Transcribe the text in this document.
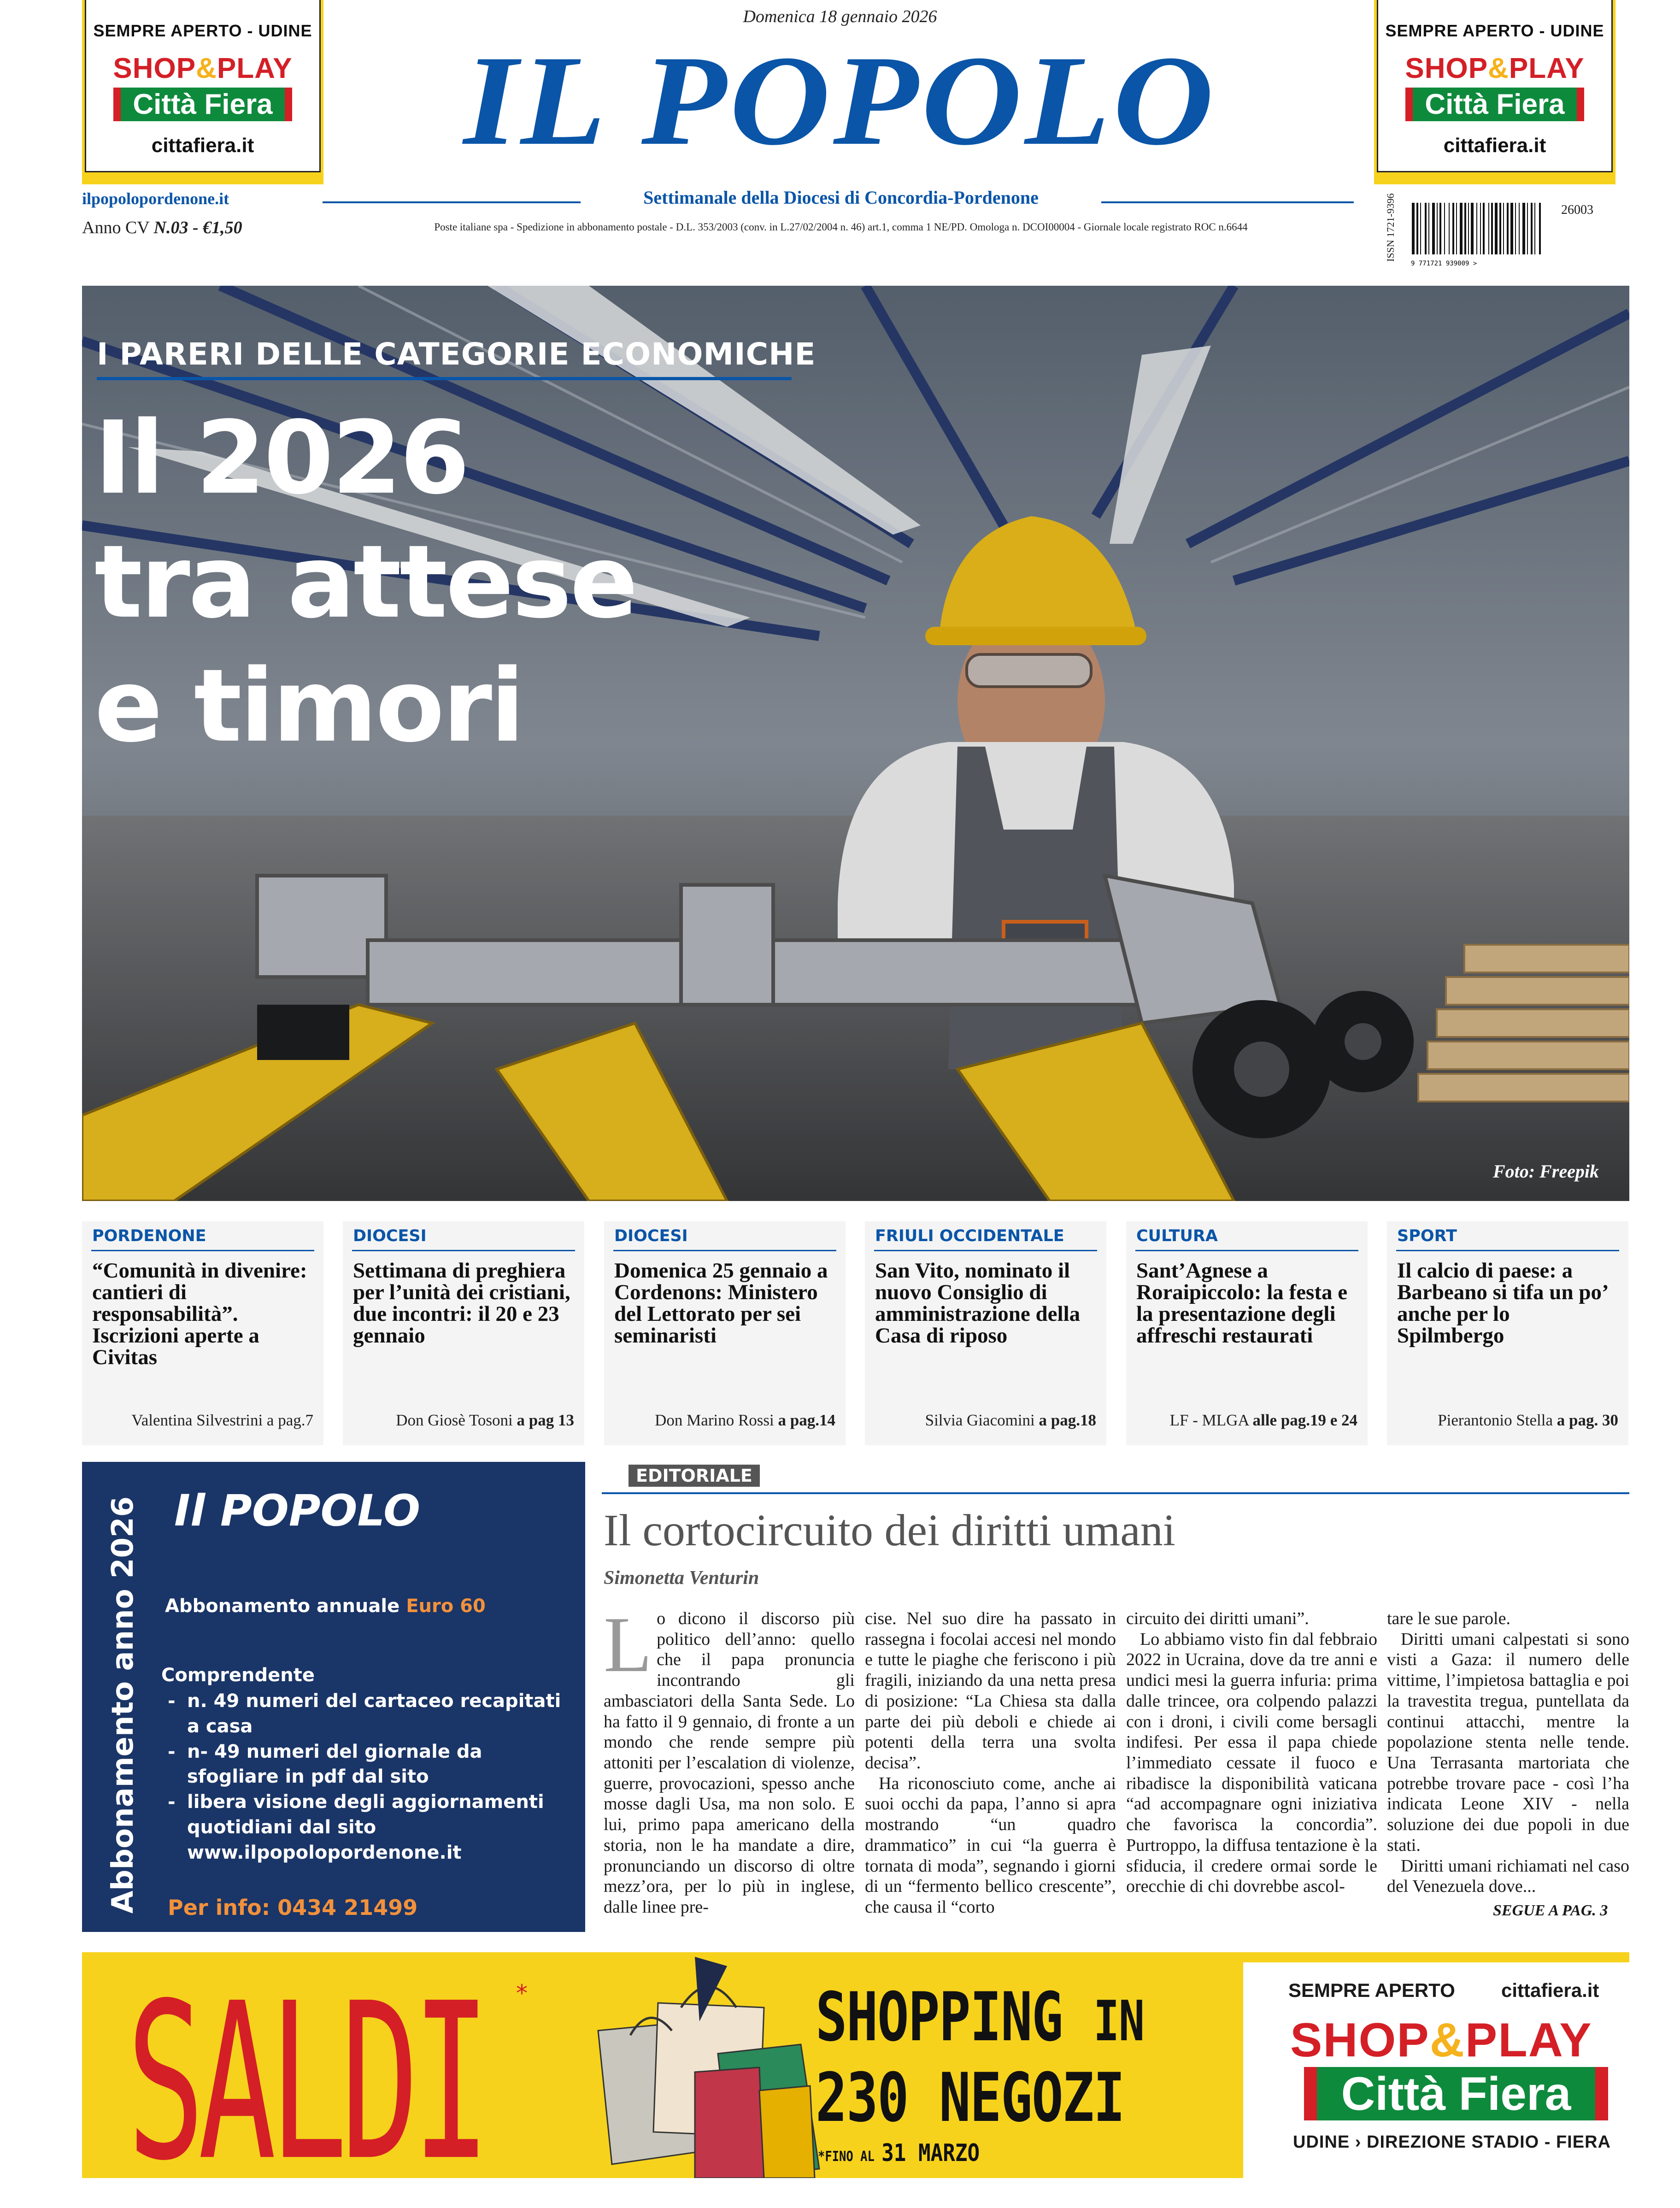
SEMPRE APERTO - UDINE
SHOP&PLAY
Città Fiera
cittafiera.it
SEMPRE APERTO - UDINE
SHOP&PLAY
Città Fiera
cittafiera.it
Domenica 18 gennaio 2026
IL POPOLO
Settimanale della Diocesi di Concordia-Pordenone
Poste italiane spa - Spedizione in abbonamento postale - D.L. 353/2003 (conv. in L.27/02/2004 n. 46) art.1, comma 1 NE/PD. Omologa n. DCOI00004 - Giornale locale registrato ROC n.6644
ilpopolopordenone.it
Anno CV N.03 - €1,50	ISSN 1721-9396
9 771721 939009 >
26003
I PARERI DELLE CATEGORIE ECONOMICHE
Il 2026
tra attese
e timori
Foto: Freepik
PORDENONE
“Comunità in divenire: cantieri di responsabilità”. Iscrizioni aperte a Civitas
Valentina Silvestrini a pag.7
DIOCESI
Settimana di preghiera per l’unità dei cristiani, due incontri: il 20 e 23 gennaio
Don Giosè Tosoni a pag 13
DIOCESI
Domenica 25 gennaio a Cordenons: Ministero del Lettorato per sei seminaristi
Don Marino Rossi a pag.14
FRIULI OCCIDENTALE
San Vito, nominato il nuovo Consiglio di amministrazione della Casa di riposo
Silvia Giacomini a pag.18
CULTURA
Sant’Agnese a Roraipiccolo: la festa e la presentazione degli affreschi restaurati
LF - MLGA alle pag.19 e 24
SPORT
Il calcio di paese: a Barbeano si tifa un po’ anche per lo Spilmbergo
Pierantonio Stella a pag. 30
Abbonamento anno 2026 Il POPOLO
Abbonamento annuale Euro 60
Comprendente
- n. 49 numeri del cartaceo recapitati a casa
- n- 49 numeri del giornale da sfogliare in pdf dal sito
- libera visione degli aggiornamenti quotidiani dal sito www.ilpopolopordenone.it
Per info: 0434 21499
EDITORIALE
Il cortocircuito dei diritti umani
Simonetta Venturin
L o dicono il discorso più politico dell’anno: quello che il papa pronuncia incontrando gli ambasciatori della Santa Sede. Lo ha fatto il 9 gennaio, di fronte a un mondo che rende sempre più attoniti per l’escalation di violenze, guerre, provocazioni, spesso anche mosse dagli Usa, ma non solo. E lui, primo papa americano della storia, non le ha mandate a dire, pronunciando un discorso di oltre mezz’ora, per lo più in inglese, dalle linee pre-

cise. Nel suo dire ha passato in rassegna i focolai accesi nel mondo e tutte le piaghe che feriscono i più fragili, iniziando da una netta presa di posizione: “La Chiesa sta dalla parte dei più deboli e chiede ai potenti della terra una svolta decisa”.

Ha riconosciuto come, anche ai suoi occhi da papa, l’anno si apra mostrando “un quadro drammatico” in cui “la guerra è tornata di moda”, segnando i giorni di un “fermento bellico crescente”, che causa il “corto

circuito dei diritti umani”.

Lo abbiamo visto fin dal febbraio 2022 in Ucraina, dove da tre anni e undici mesi la guerra infuria: prima dalle trincee, ora colpendo palazzi con i droni, i civili come bersagli indifesi. Per essa il papa chiede l’immediato cessate il fuoco e ribadisce la disponibilità vaticana “ad accompagnare ogni iniziativa che favorisca la concordia”. Purtroppo, la diffusa tentazione è la sfiducia, il credere ormai sorde le orecchie di chi dovrebbe ascol-

tare le sue parole.

Diritti umani calpestati si sono visti a Gaza: il numero delle vittime, l’impietosa battaglia e poi la travestita tregua, puntellata da continui attacchi, mentre la popolazione stenta nelle tende. Una Terrasanta martoriata che potrebbe trovare pace - così l’ha indicata Leone XIV - nella soluzione dei due popoli in due stati.

Diritti umani richiamati nel caso del Venezuela dove...

SEGUE A PAG. 3
SALDI *	SHOPPING IN
230 NEGOZI
*FINO AL 31 MARZO
SEMPRE APERTO cittafiera.it
SHOP&PLAY
Città Fiera
UDINE › DIREZIONE STADIO - FIERA
